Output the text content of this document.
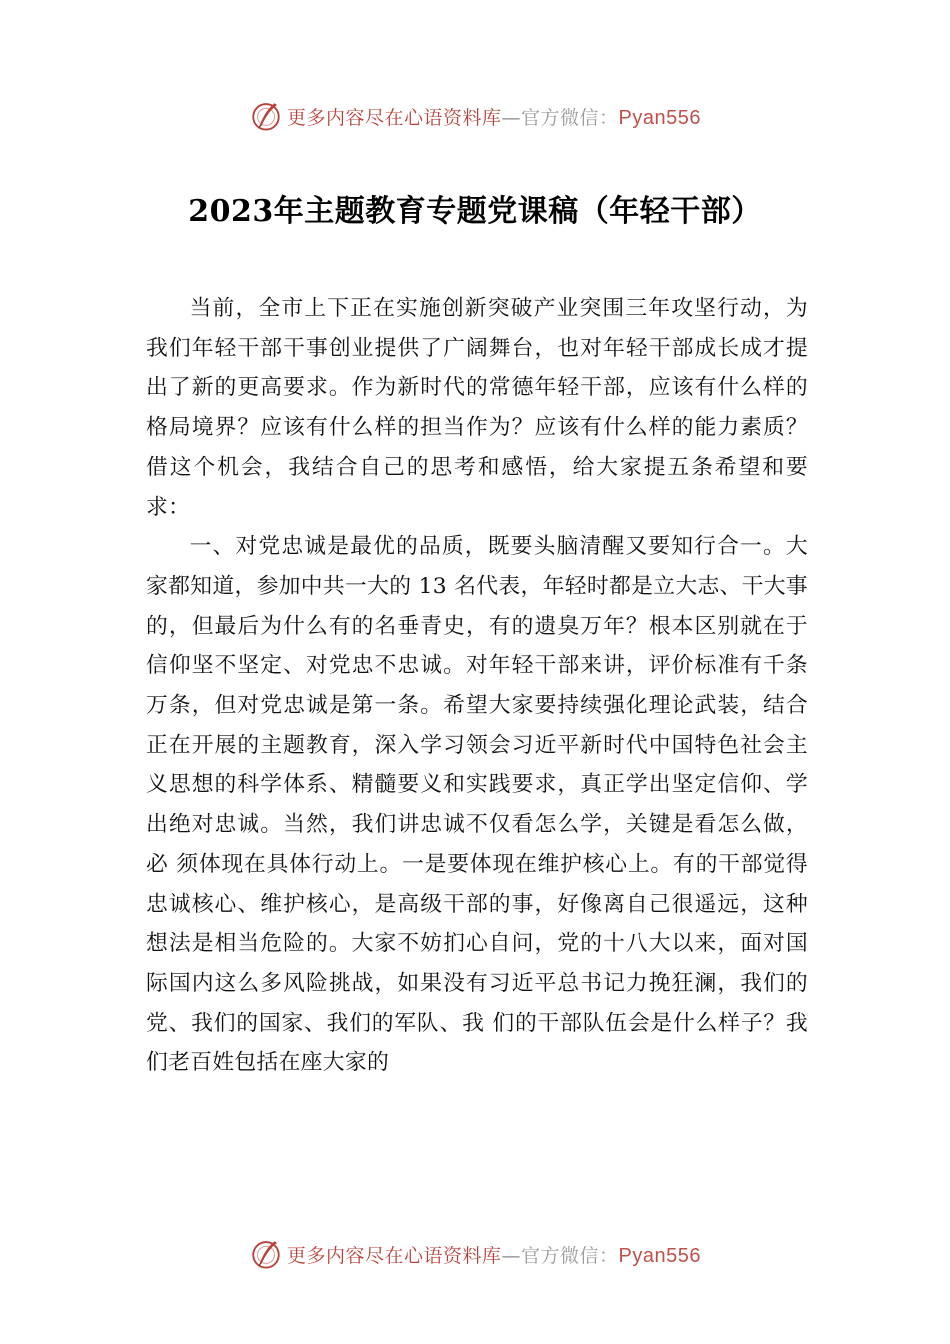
更多内容尽在心语资料库—官方微信：Pyan556
2023年主题教育专题党课稿（年轻干部）

当前，全市上下正在实施创新突破产业突围三年攻坚行动，为我们年轻干部干事创业提供了广阔舞台，也对年轻干部成长成才提出了新的更高要求。作为新时代的常德年轻干部，应该有什么样的格局境界？应该有什么样的担当作为？应该有什么样的能力素质？借这个机会，我结合自己的思考和感悟，给大家提五条希望和要求：

一、对党忠诚是最优的品质，既要头脑清醒又要知行合一。大家都知道，参加中共一大的 13 名代表，年轻时都是立大志、干大事的，但最后为什么有的名垂青史，有的遗臭万年？根本区别就在于信仰坚不坚定、对党忠不忠诚。对年轻干部来讲，评价标准有千条万条，但对党忠诚是第一条。希望大家要持续强化理论武装，结合正在开展的主题教育，深入学习领会习近平新时代中国特色社会主义思想的科学体系、精髓要义和实践要求，真正学出坚定信仰、学出绝对忠诚。当然，我们讲忠诚不仅看怎么学，关键是看怎么做，必 须体现在具体行动上。一是要体现在维护核心上。有的干部觉得忠诚核心、维护核心，是高级干部的事，好像离自己很遥远，这种想法是相当危险的。大家不妨扪心自问，党的十八大以来，面对国际国内这么多风险挑战，如果没有习近平总书记力挽狂澜，我们的党、我们的国家、我们的军队、我 们的干部队伍会是什么样子？我们老百姓包括在座大家的

更多内容尽在心语资料库—官方微信：Pyan556
